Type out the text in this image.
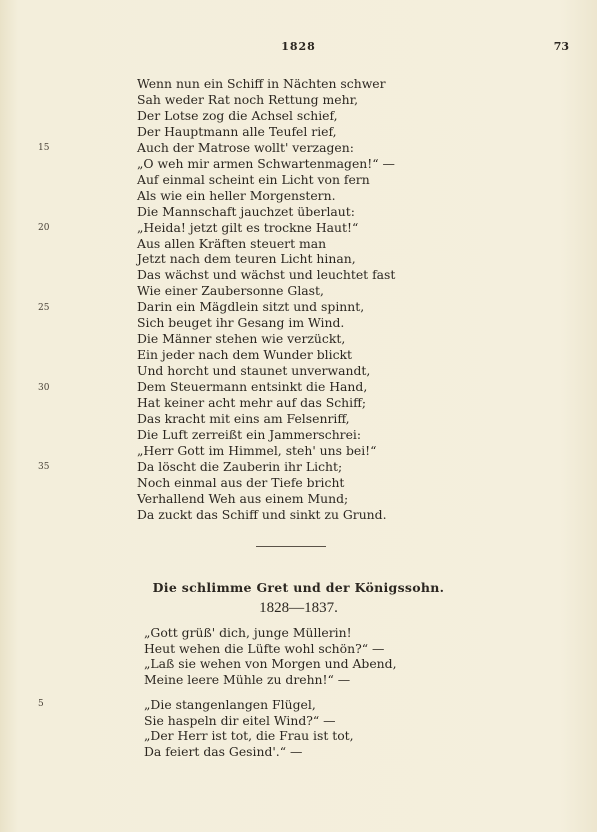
1828	73
15
20
25
30
35
Wenn nun ein Schiff in Nächten schwer
Sah weder Rat noch Rettung mehr,
Der Lotse zog die Achsel schief,
Der Hauptmann alle Teufel rief,
Auch der Matrose wollt' verzagen:
„O weh mir armen Schwartenmagen!“ —
Auf einmal scheint ein Licht von fern
Als wie ein heller Morgenstern.
Die Mannschaft jauchzet überlaut:
„Heida! jetzt gilt es trockne Haut!“
Aus allen Kräften steuert man
Jetzt nach dem teuren Licht hinan,
Das wächst und wächst und leuchtet fast
Wie einer Zaubersonne Glast,
Darin ein Mägdlein sitzt und spinnt,
Sich beuget ihr Gesang im Wind.
Die Männer stehen wie verzückt,
Ein jeder nach dem Wunder blickt
Und horcht und staunet unverwandt,
Dem Steuermann entsinkt die Hand,
Hat keiner acht mehr auf das Schiff;
Das kracht mit eins am Felsenriff,
Die Luft zerreißt ein Jammerschrei:
„Herr Gott im Himmel, steh' uns bei!“
Da löscht die Zauberin ihr Licht;
Noch einmal aus der Tiefe bricht
Verhallend Weh aus einem Mund;
Da zuckt das Schiff und sinkt zu Grund.
Die schlimme Gret und der Königssohn.
1828—1837.
„Gott grüß' dich, junge Müllerin!
Heut wehen die Lüfte wohl schön?“ —
„Laß sie wehen von Morgen und Abend,
Meine leere Mühle zu drehn!“ —
5	„Die stangenlangen Flügel,
Sie haspeln dir eitel Wind?“ —
„Der Herr ist tot, die Frau ist tot,
Da feiert das Gesind'.“ —
